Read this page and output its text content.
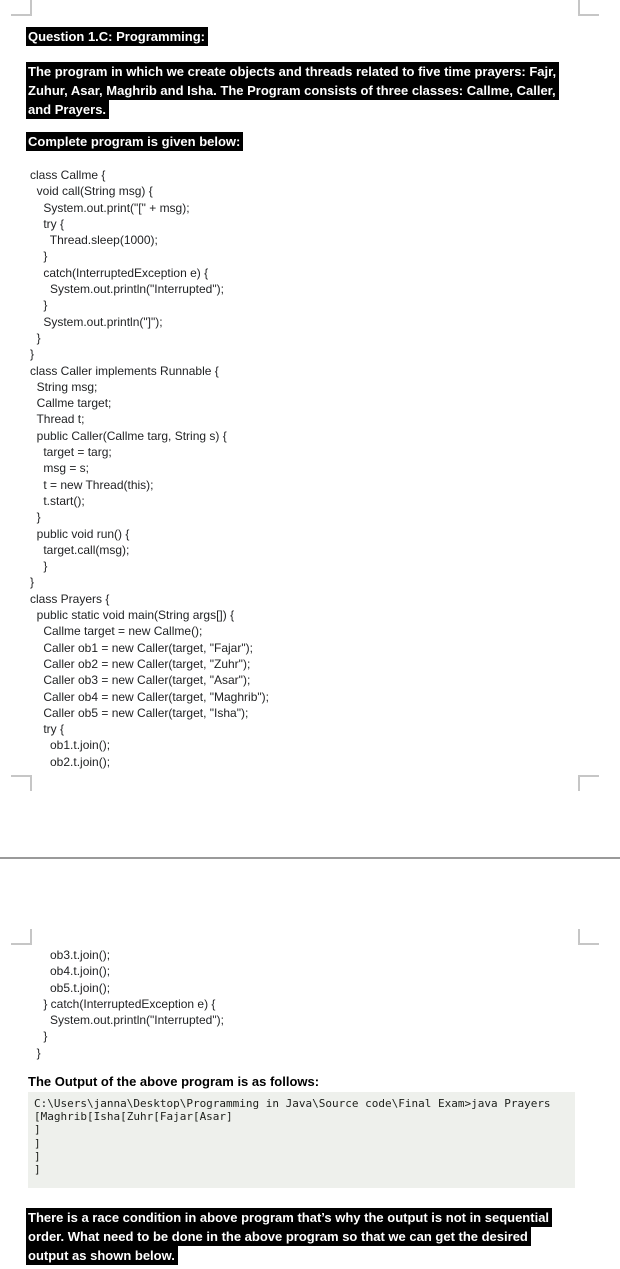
Question 1.C: Programming:
The program in which we create objects and threads related to five time prayers: Fajr,
Zuhur, Asar, Maghrib and Isha. The Program consists of three classes: Callme, Caller,
and Prayers.
Complete program is given below:
class Callme {
void call(String msg) {
System.out.print("[" + msg);
try {
Thread.sleep(1000);
}
catch(InterruptedException e) {
System.out.println("Interrupted");
}
System.out.println("]");
}
}
class Caller implements Runnable {
String msg;
Callme target;
Thread t;
public Caller(Callme targ, String s) {
target = targ;
msg = s;
t = new Thread(this);
t.start();
}
public void run() {
target.call(msg);
}
}
class Prayers {
public static void main(String args[]) {
Callme target = new Callme();
Caller ob1 = new Caller(target, "Fajar");
Caller ob2 = new Caller(target, "Zuhr");
Caller ob3 = new Caller(target, "Asar");
Caller ob4 = new Caller(target, "Maghrib");
Caller ob5 = new Caller(target, "Isha");
try {
ob1.t.join();
ob2.t.join();
ob3.t.join();
ob4.t.join();
ob5.t.join();
} catch(InterruptedException e) {
System.out.println("Interrupted");
}
}
The Output of the above program is as follows:
C:\Users\janna\Desktop\Programming in Java\Source code\Final Exam>java Prayers
[Maghrib[Isha[Zuhr[Fajar[Asar]
]
]
]
]
There is a race condition in above program that’s why the output is not in sequential
order. What need to be done in the above program so that we can get the desired
output as shown below.
